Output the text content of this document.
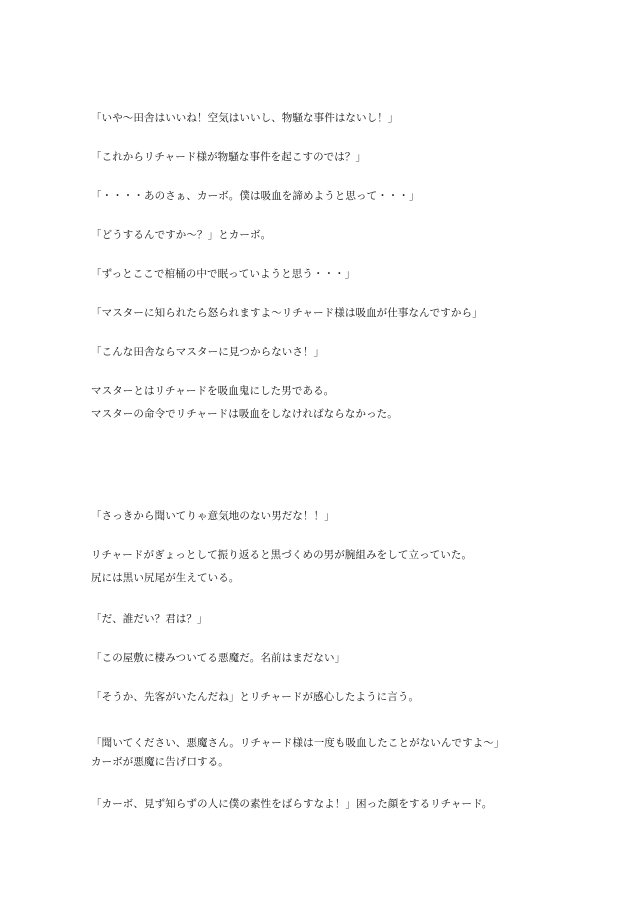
「いや～田舎はいいね！空気はいいし、物騒な事件はないし！」
「これからリチャード様が物騒な事件を起こすのでは？」
「・・・・あのさぁ、カーボ。僕は吸血を諦めようと思って・・・」
「どうするんですか～？」とカーボ。
「ずっとここで棺桶の中で眠っていようと思う・・・」
「マスターに知られたら怒られますよ～リチャード様は吸血が仕事なんですから」
「こんな田舎ならマスターに見つからないさ！」
マスターとはリチャードを吸血鬼にした男である。
マスターの命令でリチャードは吸血をしなければならなかった。
「さっきから聞いてりゃ意気地のない男だな！！」
リチャードがぎょっとして振り返ると黒づくめの男が腕組みをして立っていた。
尻には黒い尻尾が生えている。
「だ、誰だい？君は？」
「この屋敷に棲みついてる悪魔だ。名前はまだない」
「そうか、先客がいたんだね」とリチャードが感心したように言う。
「聞いてください、悪魔さん。リチャード様は一度も吸血したことがないんですよ～」
カーボが悪魔に告げ口する。
「カーボ、見ず知らずの人に僕の素性をばらすなよ！」困った顔をするリチャード。
